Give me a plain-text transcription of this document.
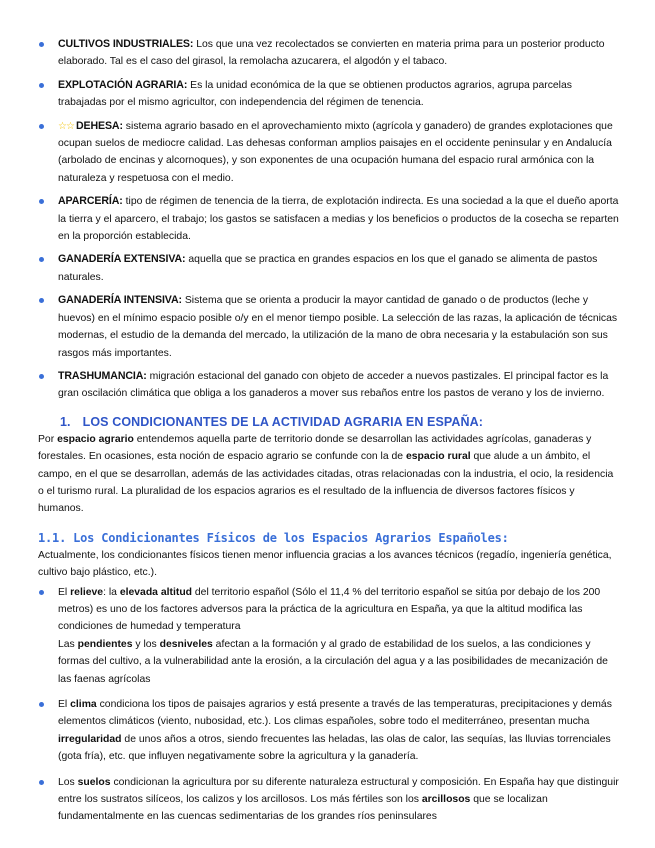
CULTIVOS INDUSTRIALES: Los que una vez recolectados se convierten en materia prima para un posterior producto elaborado. Tal es el caso del girasol, la remolacha azucarera, el algodón y el tabaco.
EXPLOTACIÓN AGRARIA: Es la unidad económica de la que se obtienen productos agrarios, agrupa parcelas trabajadas por el mismo agricultor, con independencia del régimen de tenencia.
☆☆ DEHESA: sistema agrario basado en el aprovechamiento mixto (agrícola y ganadero) de grandes explotaciones que ocupan suelos de mediocre calidad. Las dehesas conforman amplios paisajes en el occidente peninsular y en Andalucía (arbolado de encinas y alcornoques), y son exponentes de una ocupación humana del espacio rural armónica con la naturaleza y respetuosa con el medio.
APARCERÍA: tipo de régimen de tenencia de la tierra, de explotación indirecta. Es una sociedad a la que el dueño aporta la tierra y el aparcero, el trabajo; los gastos se satisfacen a medias y los beneficios o productos de la cosecha se reparten en la proporción establecida.
GANADERÍA EXTENSIVA: aquella que se practica en grandes espacios en los que el ganado se alimenta de pastos naturales.
GANADERÍA INTENSIVA: Sistema que se orienta a producir la mayor cantidad de ganado o de productos (leche y huevos) en el mínimo espacio posible o/y en el menor tiempo posible. La selección de las razas, la aplicación de técnicas modernas, el estudio de la demanda del mercado, la utilización de la mano de obra necesaria y la estabulación son sus rasgos más importantes.
TRASHUMANCIA: migración estacional del ganado con objeto de acceder a nuevos pastizales. El principal factor es la gran oscilación climática que obliga a los ganaderos a mover sus rebaños entre los pastos de verano y los de invierno.
1. LOS CONDICIONANTES DE LA ACTIVIDAD AGRARIA EN ESPAÑA:

Por espacio agrario entendemos aquella parte de territorio donde se desarrollan las actividades agrícolas, ganaderas y forestales. En ocasiones, esta noción de espacio agrario se confunde con la de espacio rural que alude a un ámbito, el campo, en el que se desarrollan, además de las actividades citadas, otras relacionadas con la industria, el ocio, la residencia o el turismo rural. La pluralidad de los espacios agrarios es el resultado de la influencia de diversos factores físicos y humanos.

1.1. Los Condicionantes Físicos de los Espacios Agrarios Españoles:

Actualmente, los condicionantes físicos tienen menor influencia gracias a los avances técnicos (regadío, ingeniería genética, cultivo bajo plástico, etc.).

El relieve: la elevada altitud del territorio español (Sólo el 11,4 % del territorio español se sitúa por debajo de los 200 metros) es uno de los factores adversos para la práctica de la agricultura en España, ya que la altitud modifica las condiciones de humedad y temperatura
Las pendientes y los desniveles afectan a la formación y al grado de estabilidad de los suelos, a las condiciones y formas del cultivo, a la vulnerabilidad ante la erosión, a la circulación del agua y a las posibilidades de mecanización de las faenas agrícolas
El clima condiciona los tipos de paisajes agrarios y está presente a través de las temperaturas, precipitaciones y demás elementos climáticos (viento, nubosidad, etc.). Los climas españoles, sobre todo el mediterráneo, presentan mucha irregularidad de unos años a otros, siendo frecuentes las heladas, las olas de calor, las sequías, las lluvias torrenciales (gota fría), etc. que influyen negativamente sobre la agricultura y la ganadería.
Los suelos condicionan la agricultura por su diferente naturaleza estructural y composición. En España hay que distinguir entre los sustratos silíceos, los calizos y los arcillosos. Los más fértiles son los arcillosos que se localizan fundamentalmente en las cuencas sedimentarias de los grandes ríos peninsulares
